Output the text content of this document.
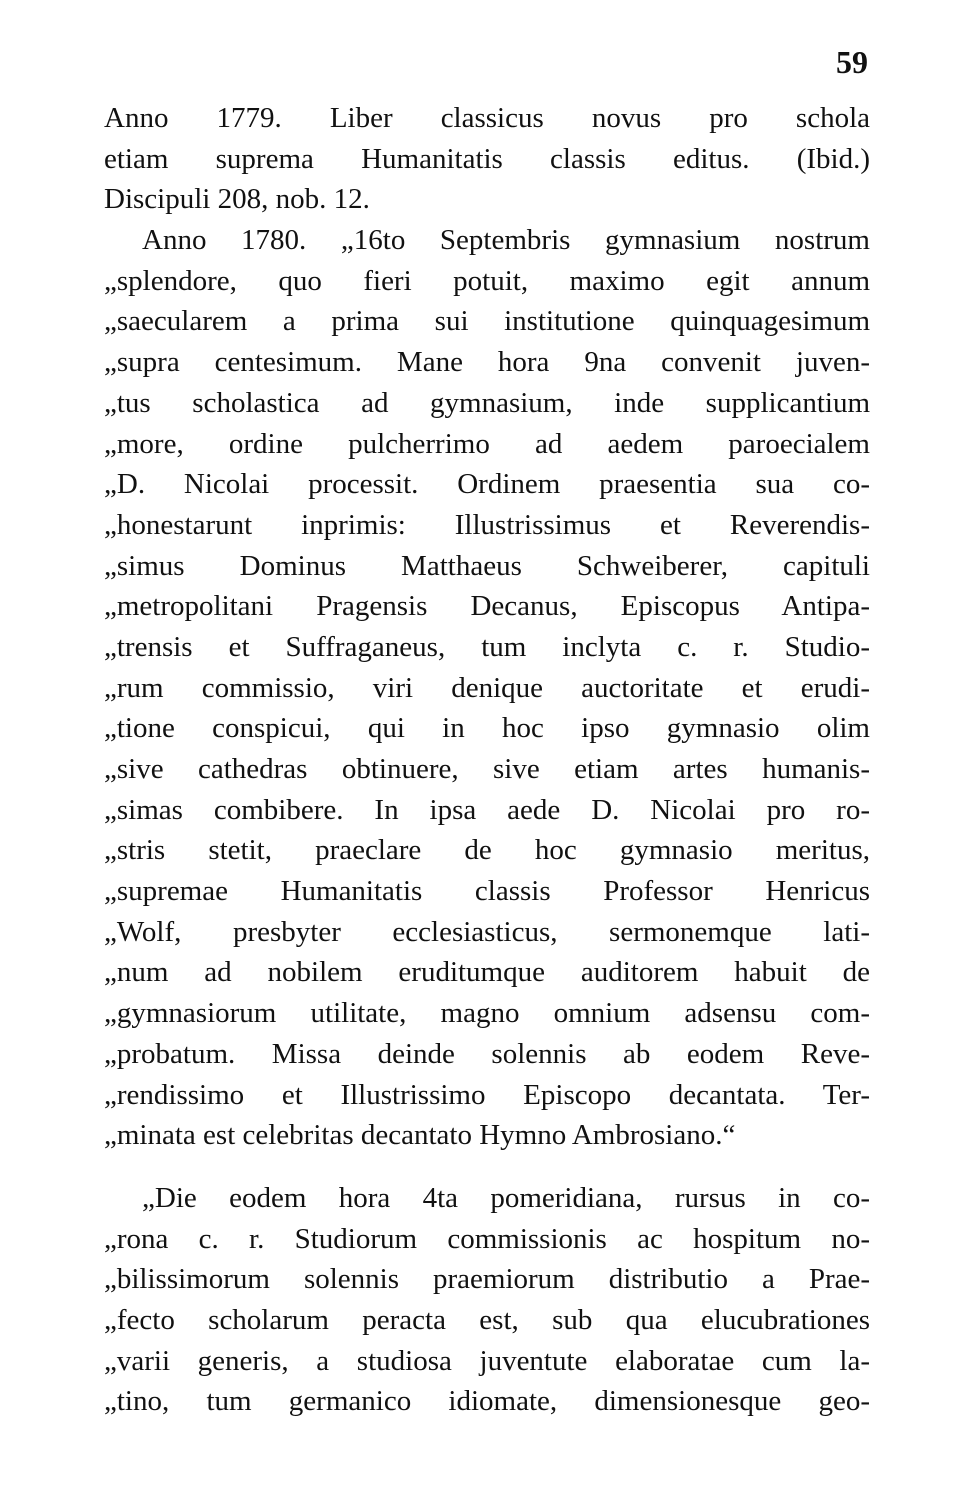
59
Anno 1779. Liber classicus novus pro schola
etiam suprema Humanitatis classis editus. (Ibid.)
Discipuli 208, nob. 12.
Anno 1780. „16to Septembris gymnasium nostrum
„splendore, quo fieri potuit, maximo egit annum
„saecularem a prima sui institutione quinquagesimum
„supra centesimum. Mane hora 9na convenit juven-
„tus scholastica ad gymnasium, inde supplicantium
„more, ordine pulcherrimo ad aedem paroecialem
„D. Nicolai processit. Ordinem praesentia sua co-
„honestarunt inprimis: Illustrissimus et Reverendis-
„simus Dominus Matthaeus Schweiberer, capituli
„metropolitani Pragensis Decanus, Episcopus Antipa-
„trensis et Suffraganeus, tum inclyta c. r. Studio-
„rum commissio, viri denique auctoritate et erudi-
„tione conspicui, qui in hoc ipso gymnasio olim
„sive cathedras obtinuere, sive etiam artes humanis-
„simas combibere. In ipsa aede D. Nicolai pro ro-
„stris stetit, praeclare de hoc gymnasio meritus,
„supremae Humanitatis classis Professor Henricus
„Wolf, presbyter ecclesiasticus, sermonemque lati-
„num ad nobilem eruditumque auditorem habuit de
„gymnasiorum utilitate, magno omnium adsensu com-
„probatum. Missa deinde solennis ab eodem Reve-
„rendissimo et Illustrissimo Episcopo decantata. Ter-
„minata est celebritas decantato Hymno Ambrosiano.“
„Die eodem hora 4ta pomeridiana, rursus in co-
„rona c. r. Studiorum commissionis ac hospitum no-
„bilissimorum solennis praemiorum distributio a Prae-
„fecto scholarum peracta est, sub qua elucubrationes
„varii generis, a studiosa juventute elaboratae cum la-
„tino, tum germanico idiomate, dimensionesque geo-
